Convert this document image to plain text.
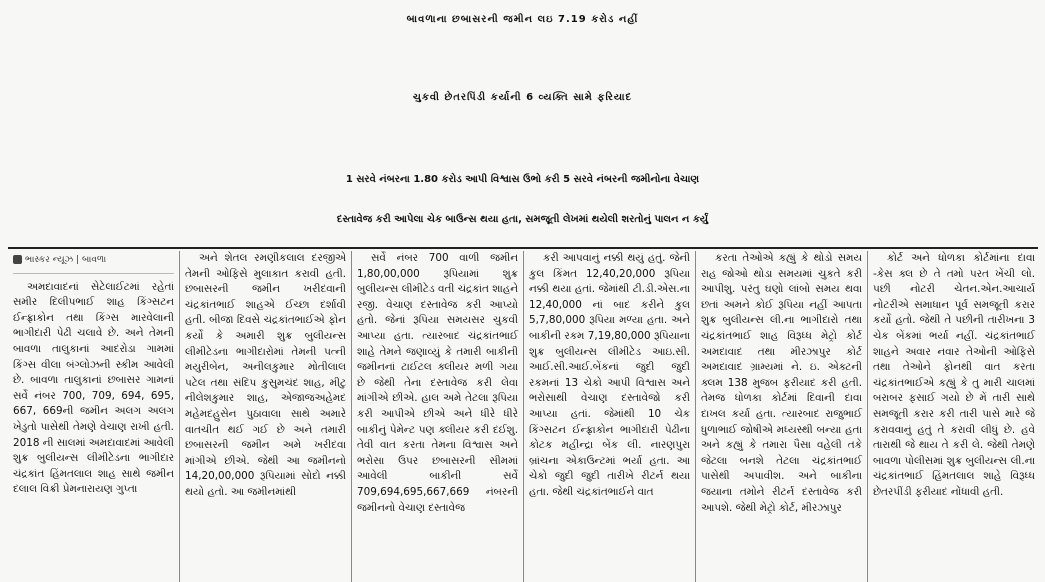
બાવળાના છબાસરની જમીન લઇ 7.19 કરોડ નહીં
ચુકવી છેતરપિંડી કર્યાની 6 વ્યક્તિ સામે ફરિયાદ
1 સરવે નંબરના 1.80 કરોડ આપી વિશ્વાસ ઉભો કરી 5 સરવે નંબરની જમીનોના વેચાણ
દસ્તાવેજ કરી આપેલા ચેક બાઉન્સ થયા હતા, સમજૂતી લેખમાં થયેલી શરતોનું પાલન ન કર્યું
ભાસ્કર ન્યૂઝ | બાવળા

અમદાવાદનાં સેટેલાઈટમાં રહેતાં સમીર દિલીપભાઈ શાહ કિંગ્સટન ઈન્ફ્રાકોન તથા કિંગ્સ મારવેલાની ભાગીદારી પેઢી ચલાવે છે. અને તેમની બાવળા તાલુકાનાં આદરોડા ગામમાં કિંગ્સ વીલા બંગ્લોઝની સ્કીમ આવેલી છે. બાવળા તાલુકાનાં છબાસર ગામનાં સર્વે નંબર 700, 709, 694, 695, 667, 669ની જમીન અલગ અલગ ખેડુતો પાસેથી તેમણે વેચાણ રાખી હતી. 2018 ની સાલમાં અમદાવાદમાં આવેલી શુક્ર બુલીયન્સ લીમીટેડના ભાગીદાર ચંદ્રકાંત હિંમતલાલ શાહ સાથે જમીન દલાલ વિક્રી પ્રેમનારાયણ ગુપ્તા

અને શેતલ રમણીકલાલ દરજીએ તેમની ઓફિસે મુલાકાત કરાવી હતી. છબાસરની જમીન ખરીદવાની ચંદ્રકાંતભાઈ શાહએ ઈચ્છા દર્શાવી હતી. બીજા દિવસે ચંદ્રકાંતભાઈએ ફોન કર્યો કે અમારી શુક્ર બુલીયન્સ લીમીટેડના ભાગીદારોમાં તેમની પત્ની મયુરીબેન, અનીલકુમાર મોતીલાલ પટેલ તથા સંદિપ કુસુમચંદ શાહ, મીટુ નીલેશકુમાર શાહ, એજાજઅહેમદ મહેમદહુસેન પુઠાવાલા સાથે અમારે વાતચીત થઈ ગઈ છે અને તમારી છબાસરની જમીન અમે ખરીદવા માંગીએ છીએ. જેથી આ જમીનનો 14,20,00,000 રૂપિયામાં સોદો નક્કી થયો હતો. આ જમીનમાંથી

સર્વે નંબર 700 વાળી જમીન 1,80,00,000 રૂપિયામાં શુક્ર બુલીયન્સ લીમીટેડ વતી ચંદ્રકાંત શાહને રજી. વેચાણ દસ્તાવેજ કરી આપ્યો હતો. જેનાં રૂપિયા સમયસર ચુકવી આપ્યા હતા. ત્યારબાદ ચંદ્રકાંતભાઈ શાહે તેમને જણાવ્યું કે તમારી બાકીની જમીનનાં ટાઈટલ ક્લીયર મળી ગયા છે જેથી તેના દસ્તાવેજ કરી લેવા માંગીએ છીએ. હાલ અમે તેટલા રૂપિયા કરી આપીએ છીએ અને ધીરે ધીરે બાકીનું પેમેન્ટ પણ ક્લીયર કરી દઈશુ. તેવી વાત કરતા તેમના વિશ્વાસ અને ભરોસા ઉપર છબાસરની સીમમાં આવેલી બાકીની સર્વે 709,694,695,667,669 નંબરની જમીનનો વેચાણ દસ્તાવેજ

કરી આપવાનું નક્કી થયું હતું. જેની કુલ કિંમત 12,40,20,000 રૂપિયા નક્કી થયા હતાં. જેમાંથી ટી.ડી.એસ.ના 12,40,000 નાં બાદ કરીને કુલ 5,7,80,000 રૂપિયા મળ્યા હતા. અને બાકીની રકમ 7,19,80,000 રૂપિયાના શુક્ર બુલીયન્સ લીમીટેડ આઇ.સી. આઈ.સી.આઈ.બેંકનાં જુદી જુદી રકમનાં 13 ચેકો આપી વિશ્વાસ અને ભરોસાથી વેચાણ દસ્તાવેજો કરી આપ્યા હતાં. જેમાંથી 10 ચેક કિંગ્સટન ઈન્ફ્રાકોન ભાગીદારી પેઢીના કોટક મહીન્દ્રા બેંક લી. નારણપુરા બ્રાંચના એકાઉન્ટમાં ભર્યા હતા. આ ચેકો જુદી જુદી તારીખે રીટર્ન થયા હતા. જેથી ચંદ્રકાંતભાઈને વાત

કરતા તેઓએ કહ્યું કે થોડો સમય રાહ જોઓ થોડા સમયમાં ચુકતે કરી આપીશુ. પરંતુ ઘણો લાંબો સમય થવા છતાં અમને કોઈ રૂપિયા નહીં આપતા શુક્ર બુલીયન્સ લી.ના ભાગીદારો તથા ચંદ્રકાંતભાઈ શાહ વિરૂધ્ધ મેટ્રો કોર્ટ અમદાવાદ તથા મીરઝાપુર કોર્ટ અમદાવાદ ગ્રામ્યમાં ને. ઇ. એક્ટની ક્લમ 138 મુજબ ફરીયાદ કરી હતી. તેમજ ધોળકા કોર્ટમાં દિવાની દાવા દાખલ કર્યા હતા. ત્યારબાદ રાજુભાઈ ધુળાભાઈ જોષીએ મધ્યસ્થી બન્યા હતા અને કહ્યું કે તમારા પૈસા વહેલી તકે જેટલા બનશે તેટલા ચંદ્રકાંતભાઈ પાસેથી અપાવીશ. અને બાકીના જયાના તમોને રીટર્ન દસ્તાવેજ કરી આપશે. જેથી મેટ્રો કોર્ટ, મીરઝાપુર

કોર્ટ અને ધોળકા કોર્ટમાંના દાવા -કેસ ક્લ છે તે તમો પરત ખેંચી લો. પછી નોટરી ચેતન.એન.આચાર્ય નોટરીએ સમાધાન પૂર્વ સમજૂતી કરાર કર્યો હતો. જેથી તે પછીની તારીખના 3 ચેક બેંકમાં ભર્યા નહીં. ચંદ્રકાંતભાઈ શાહને અવાર નવાર તેઓની ઓફિસે તથા તેઓને ફોનથી વાત કરતા ચંદ્રકાંતભાઈએ કહ્યું કે તુ મારી ચાલમાં બરાબર ફસાઈ ગયો છે મેં તારી સાથે સમજૂતી કરાર કરી તારી પાસે મારે જે કરાવવાનું હતું તે કરાવી લીધું છે. હવે તારાથી જે થાય તે કરી લે. જેથી તેમણે બાવળા પોલીસમાં શુક્ર બુલીયન્સ લી.ના ચંદ્રકાંતભાઈ હિંમતલાલ શાહે વિરૂધ્ધ છેતરપીંડી ફરીયાદ નોંધાવી હતી.
